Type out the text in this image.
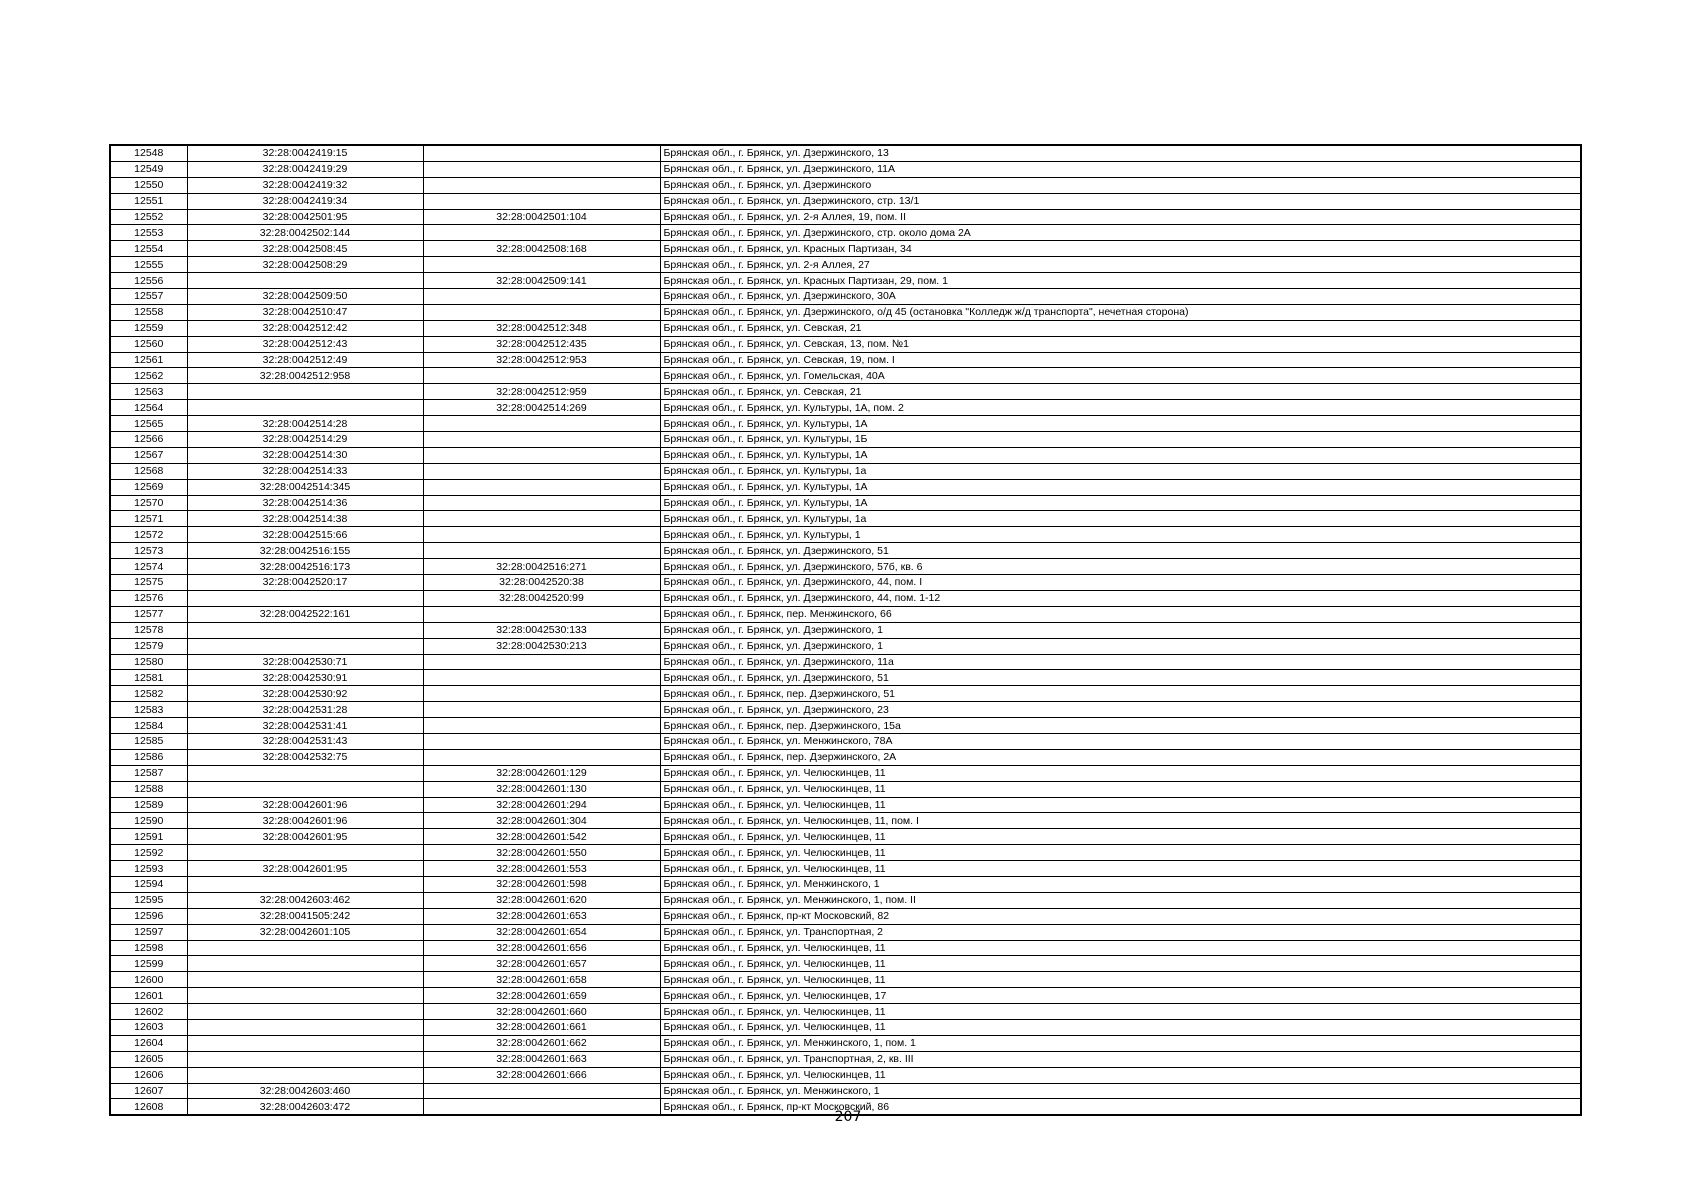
12548	32:28:0042419:15		Брянская обл., г. Брянск, ул. Дзержинского, 13
12549	32:28:0042419:29		Брянская обл., г. Брянск, ул. Дзержинского, 11А
12550	32:28:0042419:32		Брянская обл., г. Брянск, ул. Дзержинского
12551	32:28:0042419:34		Брянская обл., г. Брянск, ул. Дзержинского, стр. 13/1
12552	32:28:0042501:95	32:28:0042501:104	Брянская обл., г. Брянск, ул. 2-я Аллея, 19, пом. II
12553	32:28:0042502:144		Брянская обл., г. Брянск, ул. Дзержинского, стр. около дома 2А
12554	32:28:0042508:45	32:28:0042508:168	Брянская обл., г. Брянск, ул. Красных Партизан, 34
12555	32:28:0042508:29		Брянская обл., г. Брянск, ул. 2-я Аллея, 27
12556		32:28:0042509:141	Брянская обл., г. Брянск, ул. Красных Партизан, 29, пом. 1
12557	32:28:0042509:50		Брянская обл., г. Брянск, ул. Дзержинского, 30А
12558	32:28:0042510:47		Брянская обл., г. Брянск, ул. Дзержинского, о/д 45 (остановка "Колледж ж/д транспорта", нечетная сторона)
12559	32:28:0042512:42	32:28:0042512:348	Брянская обл., г. Брянск, ул. Севская, 21
12560	32:28:0042512:43	32:28:0042512:435	Брянская обл., г. Брянск, ул. Севская, 13, пом. №1
12561	32:28:0042512:49	32:28:0042512:953	Брянская обл., г. Брянск, ул. Севская, 19, пом. I
12562	32:28:0042512:958		Брянская обл., г. Брянск, ул. Гомельская, 40А
12563		32:28:0042512:959	Брянская обл., г. Брянск, ул. Севская, 21
12564		32:28:0042514:269	Брянская обл., г. Брянск, ул. Культуры, 1А, пом. 2
12565	32:28:0042514:28		Брянская обл., г. Брянск, ул. Культуры, 1А
12566	32:28:0042514:29		Брянская обл., г. Брянск, ул. Культуры, 1Б
12567	32:28:0042514:30		Брянская обл., г. Брянск, ул. Культуры, 1А
12568	32:28:0042514:33		Брянская обл., г. Брянск, ул. Культуры, 1а
12569	32:28:0042514:345		Брянская обл., г. Брянск, ул. Культуры, 1А
12570	32:28:0042514:36		Брянская обл., г. Брянск, ул. Культуры, 1А
12571	32:28:0042514:38		Брянская обл., г. Брянск, ул. Культуры, 1а
12572	32:28:0042515:66		Брянская обл., г. Брянск, ул. Культуры, 1
12573	32:28:0042516:155		Брянская обл., г. Брянск, ул. Дзержинского, 51
12574	32:28:0042516:173	32:28:0042516:271	Брянская обл., г. Брянск, ул. Дзержинского, 57б, кв. 6
12575	32:28:0042520:17	32:28:0042520:38	Брянская обл., г. Брянск, ул. Дзержинского, 44, пом. I
12576		32:28:0042520:99	Брянская обл., г. Брянск, ул. Дзержинского, 44, пом. 1-12
12577	32:28:0042522:161		Брянская обл., г. Брянск, пер. Менжинского, 66
12578		32:28:0042530:133	Брянская обл., г. Брянск, ул. Дзержинского, 1
12579		32:28:0042530:213	Брянская обл., г. Брянск, ул. Дзержинского, 1
12580	32:28:0042530:71		Брянская обл., г. Брянск, ул. Дзержинского, 11а
12581	32:28:0042530:91		Брянская обл., г. Брянск, ул. Дзержинского, 51
12582	32:28:0042530:92		Брянская обл., г. Брянск, пер. Дзержинского, 51
12583	32:28:0042531:28		Брянская обл., г. Брянск, ул. Дзержинского, 23
12584	32:28:0042531:41		Брянская обл., г. Брянск, пер. Дзержинского, 15а
12585	32:28:0042531:43		Брянская обл., г. Брянск, ул. Менжинского, 78А
12586	32:28:0042532:75		Брянская обл., г. Брянск, пер. Дзержинского, 2А
12587		32:28:0042601:129	Брянская обл., г. Брянск, ул. Челюскинцев, 11
12588		32:28:0042601:130	Брянская обл., г. Брянск, ул. Челюскинцев, 11
12589	32:28:0042601:96	32:28:0042601:294	Брянская обл., г. Брянск, ул. Челюскинцев, 11
12590	32:28:0042601:96	32:28:0042601:304	Брянская обл., г. Брянск, ул. Челюскинцев, 11, пом. I
12591	32:28:0042601:95	32:28:0042601:542	Брянская обл., г. Брянск, ул. Челюскинцев, 11
12592		32:28:0042601:550	Брянская обл., г. Брянск, ул. Челюскинцев, 11
12593	32:28:0042601:95	32:28:0042601:553	Брянская обл., г. Брянск, ул. Челюскинцев, 11
12594		32:28:0042601:598	Брянская обл., г. Брянск, ул. Менжинского, 1
12595	32:28:0042603:462	32:28:0042601:620	Брянская обл., г. Брянск, ул. Менжинского, 1, пом. II
12596	32:28:0041505:242	32:28:0042601:653	Брянская обл., г. Брянск, пр-кт Московский, 82
12597	32:28:0042601:105	32:28:0042601:654	Брянская обл., г. Брянск, ул. Транспортная, 2
12598		32:28:0042601:656	Брянская обл., г. Брянск, ул. Челюскинцев, 11
12599		32:28:0042601:657	Брянская обл., г. Брянск, ул. Челюскинцев, 11
12600		32:28:0042601:658	Брянская обл., г. Брянск, ул. Челюскинцев, 11
12601		32:28:0042601:659	Брянская обл., г. Брянск, ул. Челюскинцев, 17
12602		32:28:0042601:660	Брянская обл., г. Брянск, ул. Челюскинцев, 11
12603		32:28:0042601:661	Брянская обл., г. Брянск, ул. Челюскинцев, 11
12604		32:28:0042601:662	Брянская обл., г. Брянск, ул. Менжинского, 1, пом. 1
12605		32:28:0042601:663	Брянская обл., г. Брянск, ул. Транспортная, 2, кв. III
12606		32:28:0042601:666	Брянская обл., г. Брянск, ул. Челюскинцев, 11
12607	32:28:0042603:460		Брянская обл., г. Брянск, ул. Менжинского, 1
12608	32:28:0042603:472		Брянская обл., г. Брянск, пр-кт Московский, 86
207
